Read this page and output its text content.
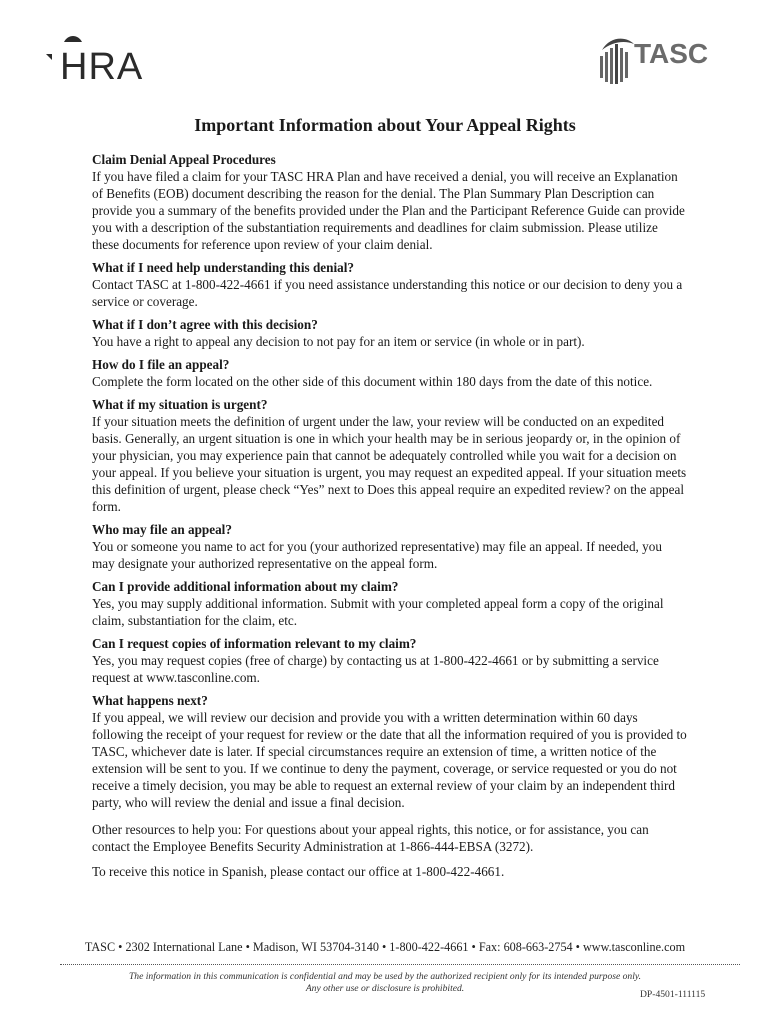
HRA	TASC
Important Information about Your Appeal Rights

Claim Denial Appeal Procedures

If you have filed a claim for your TASC HRA Plan and have received a denial, you will receive an Explanation of Benefits (EOB) document describing the reason for the denial. The Plan Summary Plan Description can provide you a summary of the benefits provided under the Plan and the Participant Reference Guide can provide you with a description of the substantiation requirements and deadlines for claim submission. Please utilize these documents for reference upon review of your claim denial.

What if I need help understanding this denial?

Contact TASC at 1-800-422-4661 if you need assistance understanding this notice or our decision to deny you a service or coverage.

What if I don’t agree with this decision?

You have a right to appeal any decision to not pay for an item or service (in whole or in part).

How do I file an appeal?

Complete the form located on the other side of this document within 180 days from the date of this notice.

What if my situation is urgent?

If your situation meets the definition of urgent under the law, your review will be conducted on an expedited basis. Generally, an urgent situation is one in which your health may be in serious jeopardy or, in the opinion of your physician, you may experience pain that cannot be adequately controlled while you wait for a decision on your appeal. If you believe your situation is urgent, you may request an expedited appeal. If your situation meets this definition of urgent, please check “Yes” next to Does this appeal require an expedited review? on the appeal form.

Who may file an appeal?

You or someone you name to act for you (your authorized representative) may file an appeal. If needed, you may designate your authorized representative on the appeal form.

Can I provide additional information about my claim?

Yes, you may supply additional information. Submit with your completed appeal form a copy of the original claim, substantiation for the claim, etc.

Can I request copies of information relevant to my claim?

Yes, you may request copies (free of charge) by contacting us at 1-800-422-4661 or by submitting a service request at www.tasconline.com.

What happens next?

If you appeal, we will review our decision and provide you with a written determination within 60 days following the receipt of your request for review or the date that all the information required of you is provided to TASC, whichever date is later. If special circumstances require an extension of time, a written notice of the extension will be sent to you. If we continue to deny the payment, coverage, or service requested or you do not receive a timely decision, you may be able to request an external review of your claim by an independent third party, who will review the denial and issue a final decision.

Other resources to help you: For questions about your appeal rights, this notice, or for assistance, you can contact the Employee Benefits Security Administration at 1-866-444-EBSA (3272).

To receive this notice in Spanish, please contact our office at 1-800-422-4661.

TASC • 2302 International Lane • Madison, WI 53704-3140 • 1-800-422-4661 • Fax: 608-663-2754 • www.tasconline.com
The information in this communication is confidential and may be used by the authorized recipient only for its intended purpose only.
Any other use or disclosure is prohibited.
DP-4501-111115
